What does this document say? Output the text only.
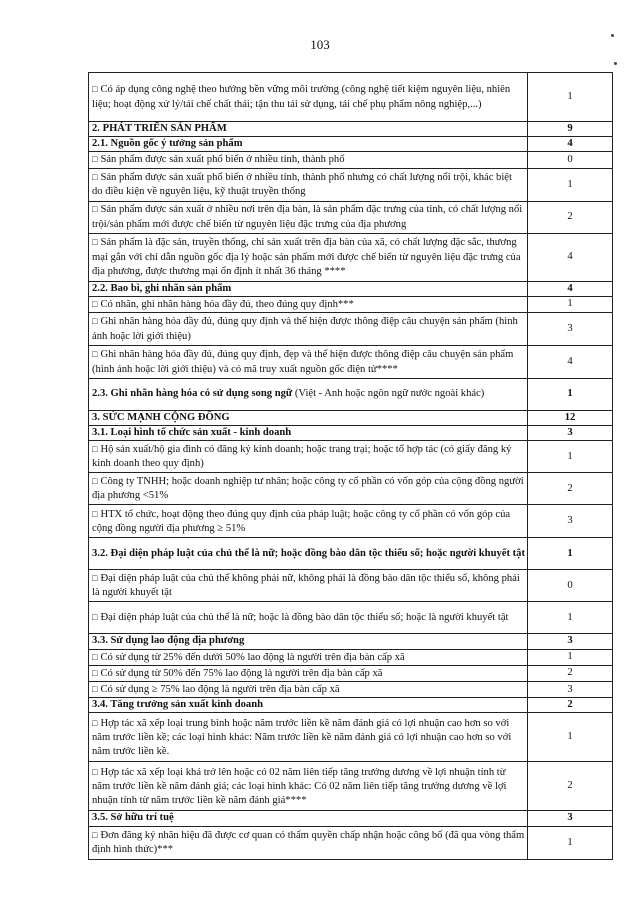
103
□ Có áp dụng công nghệ theo hướng bền vững môi trường (công nghệ tiết kiệm nguyên liệu, nhiên liệu; hoạt động xử lý/tái chế chất thải; tận thu tái sử dụng, tái chế phụ phẩm nông nghiệp,...)	1
2. PHÁT TRIỂN SẢN PHẨM	9
2.1. Nguồn gốc ý tưởng sản phẩm	4
□ Sản phẩm được sản xuất phổ biến ở nhiều tỉnh, thành phố	0
□ Sản phẩm được sản xuất phổ biến ở nhiều tỉnh, thành phố nhưng có chất lượng nổi trội, khác biệt do điều kiện về nguyên liệu, kỹ thuật truyền thống	1
□ Sản phẩm được sản xuất ở nhiều nơi trên địa bàn, là sản phẩm đặc trưng của tỉnh, có chất lượng nổi trội/sản phẩm mới được chế biến từ nguyên liệu đặc trưng của địa phương	2
□ Sản phẩm là đặc sản, truyền thống, chỉ sản xuất trên địa bàn của xã, có chất lượng đặc sắc, thương mại gắn với chỉ dẫn nguồn gốc địa lý hoặc sản phẩm mới được chế biến từ nguyên liệu đặc trưng của địa phương, được thương mại ổn định ít nhất 36 tháng ****	4
2.2. Bao bì, ghi nhãn sản phẩm	4
□ Có nhãn, ghi nhãn hàng hóa đầy đủ, theo đúng quy định***	1
□ Ghi nhãn hàng hóa đầy đủ, đúng quy định và thể hiện được thông điệp câu chuyện sản phẩm (hình ảnh hoặc lời giới thiệu)	3
□ Ghi nhãn hàng hóa đầy đủ, đúng quy định, đẹp và thể hiện được thông điệp câu chuyện sản phẩm (hình ảnh hoặc lời giới thiệu) và có mã truy xuất nguồn gốc điện tử****	4
2.3. Ghi nhãn hàng hóa có sử dụng song ngữ (Việt - Anh hoặc ngôn ngữ nước ngoài khác)	1
3. SỨC MẠNH CỘNG ĐỒNG	12
3.1. Loại hình tổ chức sản xuất - kinh doanh	3
□ Hộ sản xuất/hộ gia đình có đăng ký kinh doanh; hoặc trang trại; hoặc tổ hợp tác (có giấy đăng ký kinh doanh theo quy định)	1
□ Công ty TNHH; hoặc doanh nghiệp tư nhân; hoặc công ty cổ phần có vốn góp của cộng đồng người địa phương <51%	2
□ HTX tổ chức, hoạt động theo đúng quy định của pháp luật; hoặc công ty cổ phần có vốn góp của cộng đồng người địa phương ≥ 51%	3
3.2. Đại diện pháp luật của chủ thể là nữ; hoặc đồng bào dân tộc thiểu số; hoặc người khuyết tật	1
□ Đại diện pháp luật của chủ thể không phải nữ, không phải là đồng bào dân tộc thiểu số, không phải là người khuyết tật	0
□ Đại diện pháp luật của chủ thể là nữ; hoặc là đồng bào dân tộc thiểu số; hoặc là người khuyết tật	1
3.3. Sử dụng lao động địa phương	3
□ Có sử dụng từ 25% đến dưới 50% lao động là người trên địa bàn cấp xã	1
□ Có sử dụng từ 50% đến 75% lao động là người trên địa bàn cấp xã	2
□ Có sử dụng ≥ 75% lao động là người trên địa bàn cấp xã	3
3.4. Tăng trưởng sản xuất kinh doanh	2
□ Hợp tác xã xếp loại trung bình hoặc năm trước liền kề năm đánh giá có lợi nhuận cao hơn so với năm trước liền kề; các loại hình khác: Năm trước liền kề năm đánh giá có lợi nhuận cao hơn so với năm trước liền kề.	1
□ Hợp tác xã xếp loại khá trở lên hoặc có 02 năm liên tiếp tăng trưởng dương về lợi nhuận tính từ năm trước liền kề năm đánh giá; các loại hình khác: Có 02 năm liên tiếp tăng trưởng dương về lợi nhuận tính từ năm trước liền kề năm đánh giá****	2
3.5. Sở hữu trí tuệ	3
□ Đơn đăng ký nhãn hiệu đã được cơ quan có thẩm quyền chấp nhận hoặc công bố (đã qua vòng thẩm định hình thức)***	1
